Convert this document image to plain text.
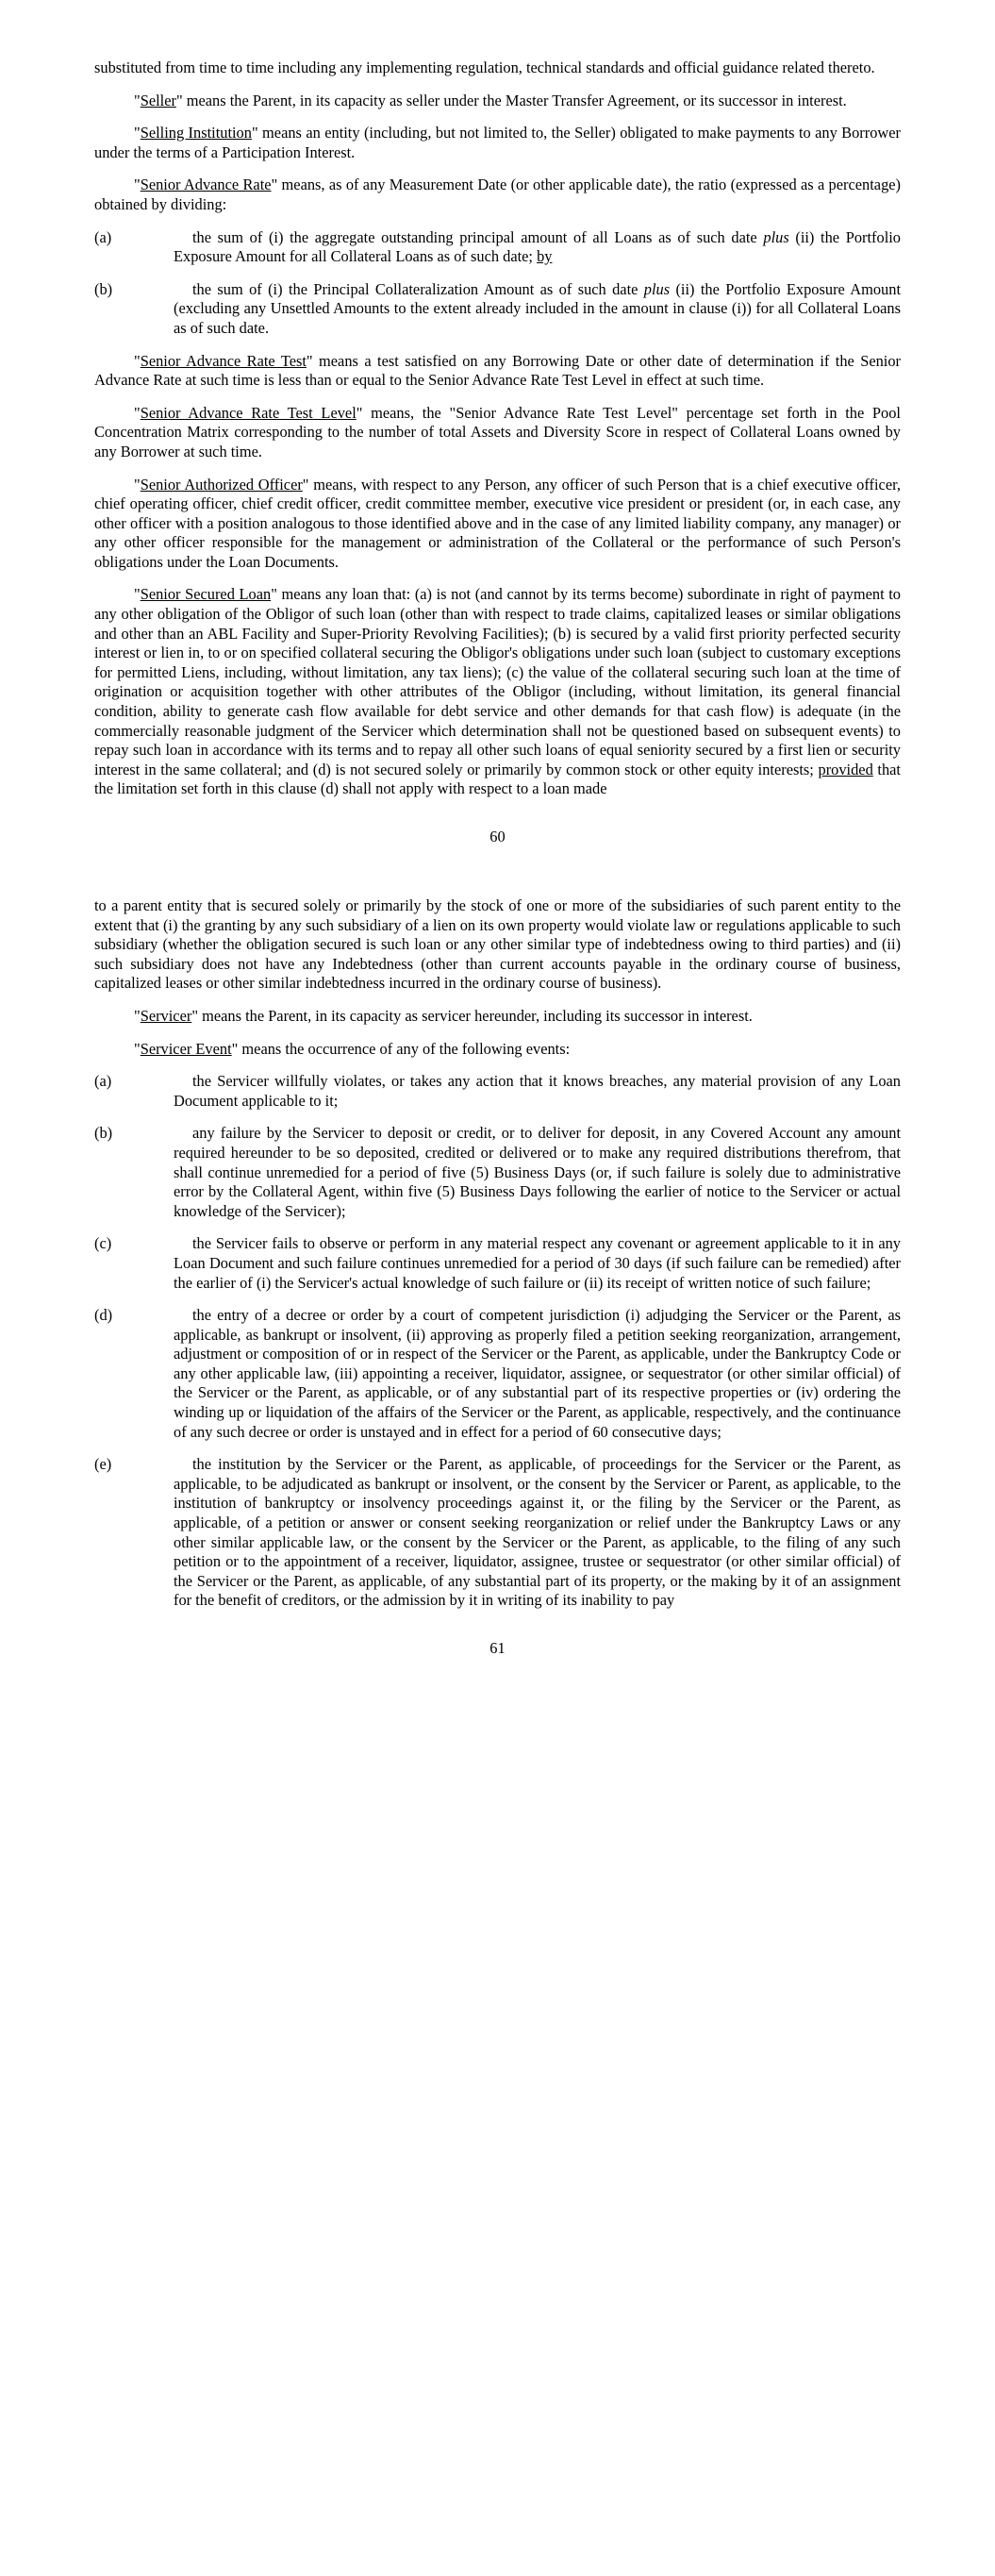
substituted from time to time including any implementing regulation, technical standards and official guidance related thereto.

"Seller" means the Parent, in its capacity as seller under the Master Transfer Agreement, or its successor in interest.

"Selling Institution" means an entity (including, but not limited to, the Seller) obligated to make payments to any Borrower under the terms of a Participation Interest.

"Senior Advance Rate" means, as of any Measurement Date (or other applicable date), the ratio (expressed as a percentage) obtained by dividing:

(a)	the sum of (i) the aggregate outstanding principal amount of all Loans as of such date plus (ii) the Portfolio Exposure Amount for all Collateral Loans as of such date; by

(b)	the sum of (i) the Principal Collateralization Amount as of such date plus (ii) the Portfolio Exposure Amount (excluding any Unsettled Amounts to the extent already included in the amount in clause (i)) for all Collateral Loans as of such date.

"Senior Advance Rate Test" means a test satisfied on any Borrowing Date or other date of determination if the Senior Advance Rate at such time is less than or equal to the Senior Advance Rate Test Level in effect at such time.

"Senior Advance Rate Test Level" means, the "Senior Advance Rate Test Level" percentage set forth in the Pool Concentration Matrix corresponding to the number of total Assets and Diversity Score in respect of Collateral Loans owned by any Borrower at such time.

"Senior Authorized Officer" means, with respect to any Person, any officer of such Person that is a chief executive officer, chief operating officer, chief credit officer, credit committee member, executive vice president or president (or, in each case, any other officer with a position analogous to those identified above and in the case of any limited liability company, any manager) or any other officer responsible for the management or administration of the Collateral or the performance of such Person's obligations under the Loan Documents.

"Senior Secured Loan" means any loan that: (a) is not (and cannot by its terms become) subordinate in right of payment to any other obligation of the Obligor of such loan (other than with respect to trade claims, capitalized leases or similar obligations and other than an ABL Facility and Super-Priority Revolving Facilities); (b) is secured by a valid first priority perfected security interest or lien in, to or on specified collateral securing the Obligor's obligations under such loan (subject to customary exceptions for permitted Liens, including, without limitation, any tax liens); (c) the value of the collateral securing such loan at the time of origination or acquisition together with other attributes of the Obligor (including, without limitation, its general financial condition, ability to generate cash flow available for debt service and other demands for that cash flow) is adequate (in the commercially reasonable judgment of the Servicer which determination shall not be questioned based on subsequent events) to repay such loan in accordance with its terms and to repay all other such loans of equal seniority secured by a first lien or security interest in the same collateral; and (d) is not secured solely or primarily by common stock or other equity interests; provided that the limitation set forth in this clause (d) shall not apply with respect to a loan made

60

to a parent entity that is secured solely or primarily by the stock of one or more of the subsidiaries of such parent entity to the extent that (i) the granting by any such subsidiary of a lien on its own property would violate law or regulations applicable to such subsidiary (whether the obligation secured is such loan or any other similar type of indebtedness owing to third parties) and (ii) such subsidiary does not have any Indebtedness (other than current accounts payable in the ordinary course of business, capitalized leases or other similar indebtedness incurred in the ordinary course of business).

"Servicer" means the Parent, in its capacity as servicer hereunder, including its successor in interest.

"Servicer Event" means the occurrence of any of the following events:

(a)	the Servicer willfully violates, or takes any action that it knows breaches, any material provision of any Loan Document applicable to it;

(b)	any failure by the Servicer to deposit or credit, or to deliver for deposit, in any Covered Account any amount required hereunder to be so deposited, credited or delivered or to make any required distributions therefrom, that shall continue unremedied for a period of five (5) Business Days (or, if such failure is solely due to administrative error by the Collateral Agent, within five (5) Business Days following the earlier of notice to the Servicer or actual knowledge of the Servicer);

(c)	the Servicer fails to observe or perform in any material respect any covenant or agreement applicable to it in any Loan Document and such failure continues unremedied for a period of 30 days (if such failure can be remedied) after the earlier of (i) the Servicer's actual knowledge of such failure or (ii) its receipt of written notice of such failure;

(d)	the entry of a decree or order by a court of competent jurisdiction (i) adjudging the Servicer or the Parent, as applicable, as bankrupt or insolvent, (ii) approving as properly filed a petition seeking reorganization, arrangement, adjustment or composition of or in respect of the Servicer or the Parent, as applicable, under the Bankruptcy Code or any other applicable law, (iii) appointing a receiver, liquidator, assignee, or sequestrator (or other similar official) of the Servicer or the Parent, as applicable, or of any substantial part of its respective properties or (iv) ordering the winding up or liquidation of the affairs of the Servicer or the Parent, as applicable, respectively, and the continuance of any such decree or order is unstayed and in effect for a period of 60 consecutive days;

(e)	the institution by the Servicer or the Parent, as applicable, of proceedings for the Servicer or the Parent, as applicable, to be adjudicated as bankrupt or insolvent, or the consent by the Servicer or Parent, as applicable, to the institution of bankruptcy or insolvency proceedings against it, or the filing by the Servicer or the Parent, as applicable, of a petition or answer or consent seeking reorganization or relief under the Bankruptcy Laws or any other similar applicable law, or the consent by the Servicer or the Parent, as applicable, to the filing of any such petition or to the appointment of a receiver, liquidator, assignee, trustee or sequestrator (or other similar official) of the Servicer or the Parent, as applicable, of any substantial part of its property, or the making by it of an assignment for the benefit of creditors, or the admission by it in writing of its inability to pay

61
